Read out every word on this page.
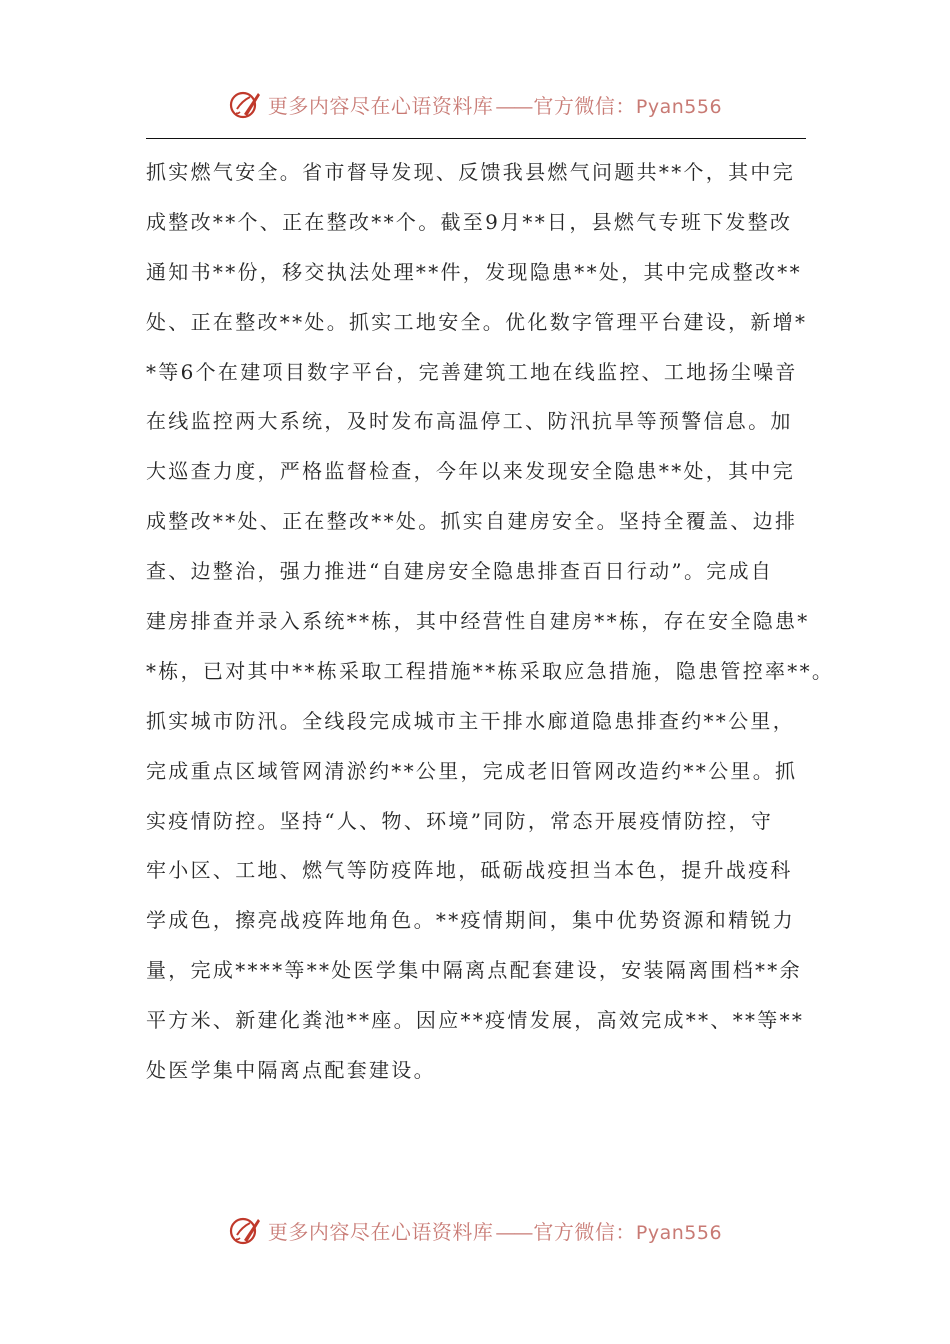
更多内容尽在心语资料库 —— 官方微信：Pyan556
抓实燃气安全。省市督导发现、反馈我县燃气问题共**个，其中完
成整改**个、正在整改**个。截至9月**日，县燃气专班下发整改
通知书**份，移交执法处理**件，发现隐患**处，其中完成整改**
处、正在整改**处。抓实工地安全。优化数字管理平台建设，新增*
*等6个在建项目数字平台，完善建筑工地在线监控、工地扬尘噪音
在线监控两大系统，及时发布高温停工、防汛抗旱等预警信息。加
大巡查力度，严格监督检查，今年以来发现安全隐患**处，其中完
成整改**处、正在整改**处。抓实自建房安全。坚持全覆盖、边排
查、边整治，强力推进“自建房安全隐患排查百日行动”。完成自
建房排查并录入系统**栋，其中经营性自建房**栋，存在安全隐患*
*栋，已对其中**栋采取工程措施**栋采取应急措施，隐患管控率**。
抓实城市防汛。全线段完成城市主干排水廊道隐患排查约**公里，
完成重点区域管网清淤约**公里，完成老旧管网改造约**公里。抓
实疫情防控。坚持“人、物、环境”同防，常态开展疫情防控，守
牢小区、工地、燃气等防疫阵地，砥砺战疫担当本色，提升战疫科
学成色，擦亮战疫阵地角色。**疫情期间，集中优势资源和精锐力
量，完成****等**处医学集中隔离点配套建设，安装隔离围档**余
平方米、新建化粪池**座。因应**疫情发展，高效完成**、**等**
处医学集中隔离点配套建设。
更多内容尽在心语资料库 —— 官方微信：Pyan556
